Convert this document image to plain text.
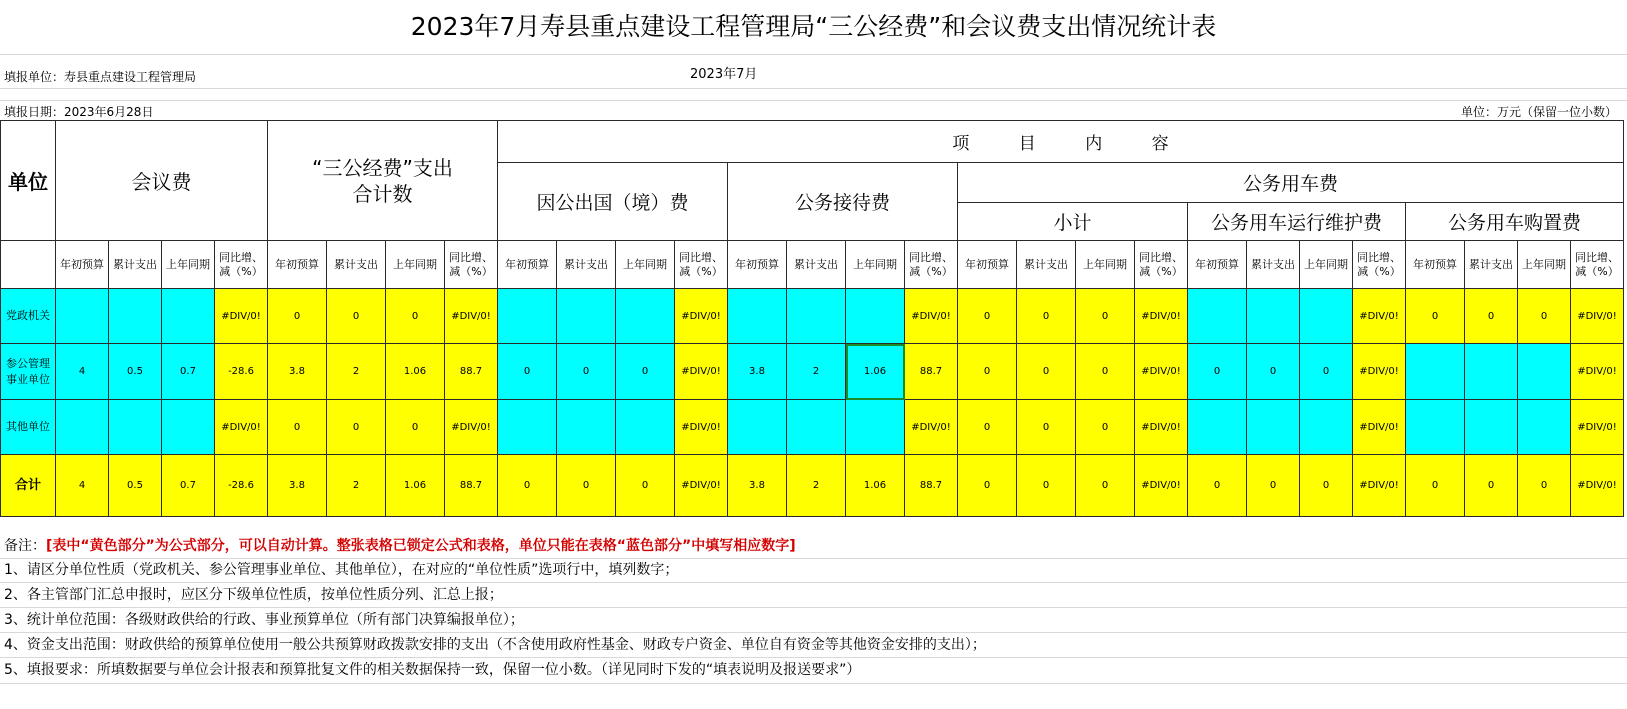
2023年7月寿县重点建设工程管理局“三公经费”和会议费支出情况统计表
填报单位：寿县重点建设工程管理局	2023年7月
填报日期：2023年6月28日	单位：万元（保留一位小数）
单位	会议费				“三公经费”支出
合计数				项 目 内 容																			
									因公出国（境）费				公务接待费				公务用车费											
																	小计				公务用车运行维护费				公务用车购置费			
	年初预算	累计支出	上年同期	同比增、减（%）	年初预算	累计支出	上年同期	同比增、减（%）	年初预算	累计支出	上年同期	同比增、减（%）	年初预算	累计支出	上年同期	同比增、减（%）	年初预算	累计支出	上年同期	同比增、减（%）	年初预算	累计支出	上年同期	同比增、减（%）	年初预算	累计支出	上年同期	同比增、减（%）
党政机关				#DIV/0!	0	0	0	#DIV/0!				#DIV/0!				#DIV/0!	0	0	0	#DIV/0!				#DIV/0!	0	0	0	#DIV/0!
参公管理事业单位	4	0.5	0.7	-28.6	3.8	2	1.06	88.7	0	0	0	#DIV/0!	3.8	2	1.06	88.7	0	0	0	#DIV/0!	0	0	0	#DIV/0!				#DIV/0!
其他单位				#DIV/0!	0	0	0	#DIV/0!				#DIV/0!				#DIV/0!	0	0	0	#DIV/0!				#DIV/0!				#DIV/0!
合计	4	0.5	0.7	-28.6	3.8	2	1.06	88.7	0	0	0	#DIV/0!	3.8	2	1.06	88.7	0	0	0	#DIV/0!	0	0	0	#DIV/0!	0	0	0	#DIV/0!
备注：[表中“黄色部分”为公式部分，可以自动计算。整张表格已锁定公式和表格，单位只能在表格“蓝色部分”中填写相应数字]
1、请区分单位性质（党政机关、参公管理事业单位、其他单位），在对应的“单位性质”选项行中，填列数字；
2、各主管部门汇总申报时，应区分下级单位性质，按单位性质分列、汇总上报；
3、统计单位范围：各级财政供给的行政、事业预算单位（所有部门决算编报单位）；
4、资金支出范围：财政供给的预算单位使用一般公共预算财政拨款安排的支出（不含使用政府性基金、财政专户资金、单位自有资金等其他资金安排的支出）；
5、填报要求：所填数据要与单位会计报表和预算批复文件的相关数据保持一致，保留一位小数。（详见同时下发的“填表说明及报送要求”）
